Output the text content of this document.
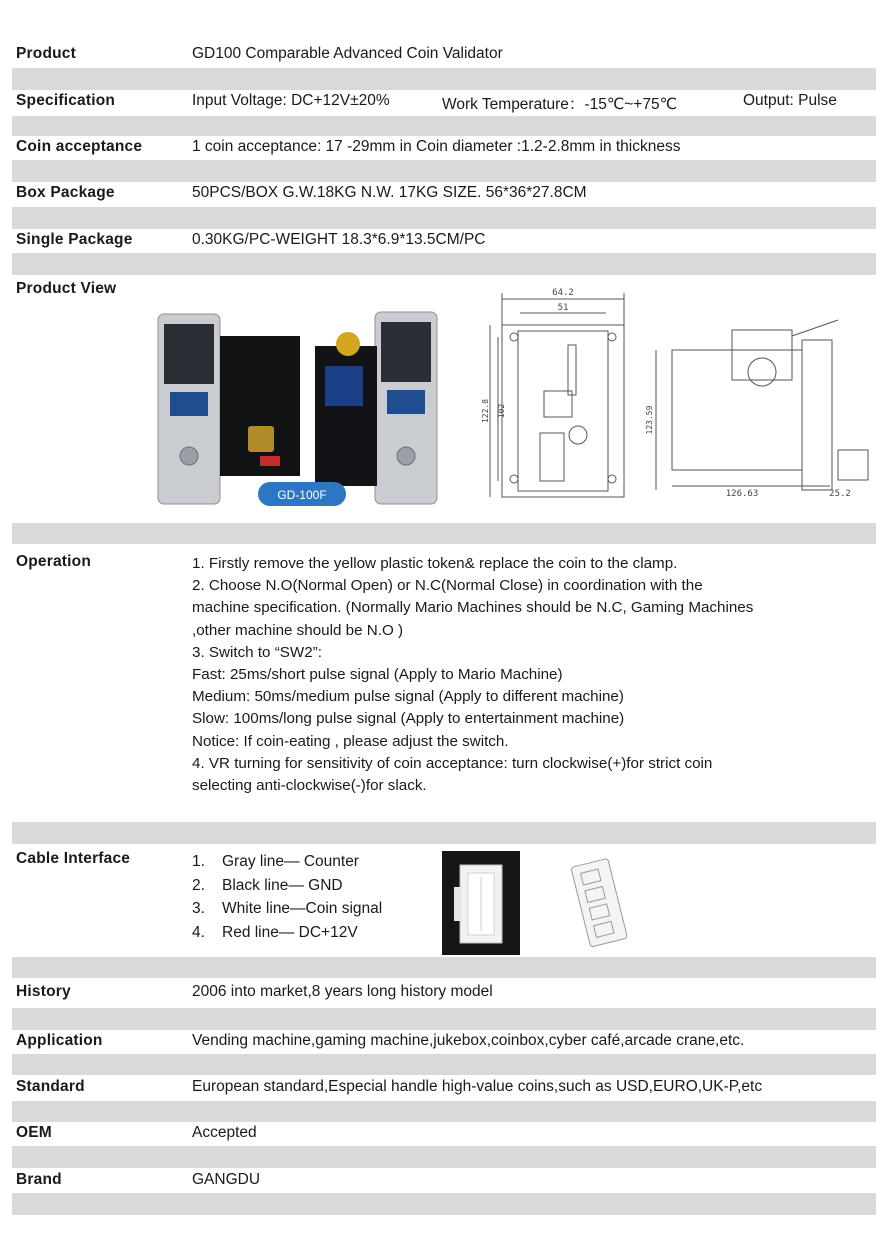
Product	GD100 Comparable Advanced Coin Validator
Specification	Input Voltage: DC+12V±20%	Work Temperature：-15℃~+75℃	Output: Pulse
Coin acceptance	1 coin acceptance: 17 -29mm in Coin diameter :1.2-2.8mm in thickness
Box Package	50PCS/BOX G.W.18KG N.W. 17KG SIZE. 56*36*27.8CM
Single Package	0.30KG/PC-WEIGHT 18.3*6.9*13.5CM/PC
Product View
GD-100F
64.2
51
122.8 102	123.59
126.63	25.2
Operation	1. Firstly remove the yellow plastic token& replace the coin to the clamp.
2. Choose N.O(Normal Open) or N.C(Normal Close) in coordination with the
machine specification. (Normally Mario Machines should be N.C, Gaming Machines
,other machine should be N.O )
3. Switch to “SW2”:
Fast: 25ms/short pulse signal (Apply to Mario Machine)
Medium: 50ms/medium pulse signal (Apply to different machine)
Slow: 100ms/long pulse signal (Apply to entertainment machine)
Notice: If coin-eating , please adjust the switch.
4. VR turning for sensitivity of coin acceptance: turn clockwise(+)for strict coin
selecting anti-clockwise(-)for slack.
Cable Interface	1. Gray line— Counter
2. Black line— GND
3. White line—Coin signal
4. Red line— DC+12V
History	2006 into market,8 years long history model
Application	Vending machine,gaming machine,jukebox,coinbox,cyber café,arcade crane,etc.
Standard	European standard,Especial handle high-value coins,such as USD,EURO,UK-P,etc
OEM	Accepted
Brand	GANGDU
